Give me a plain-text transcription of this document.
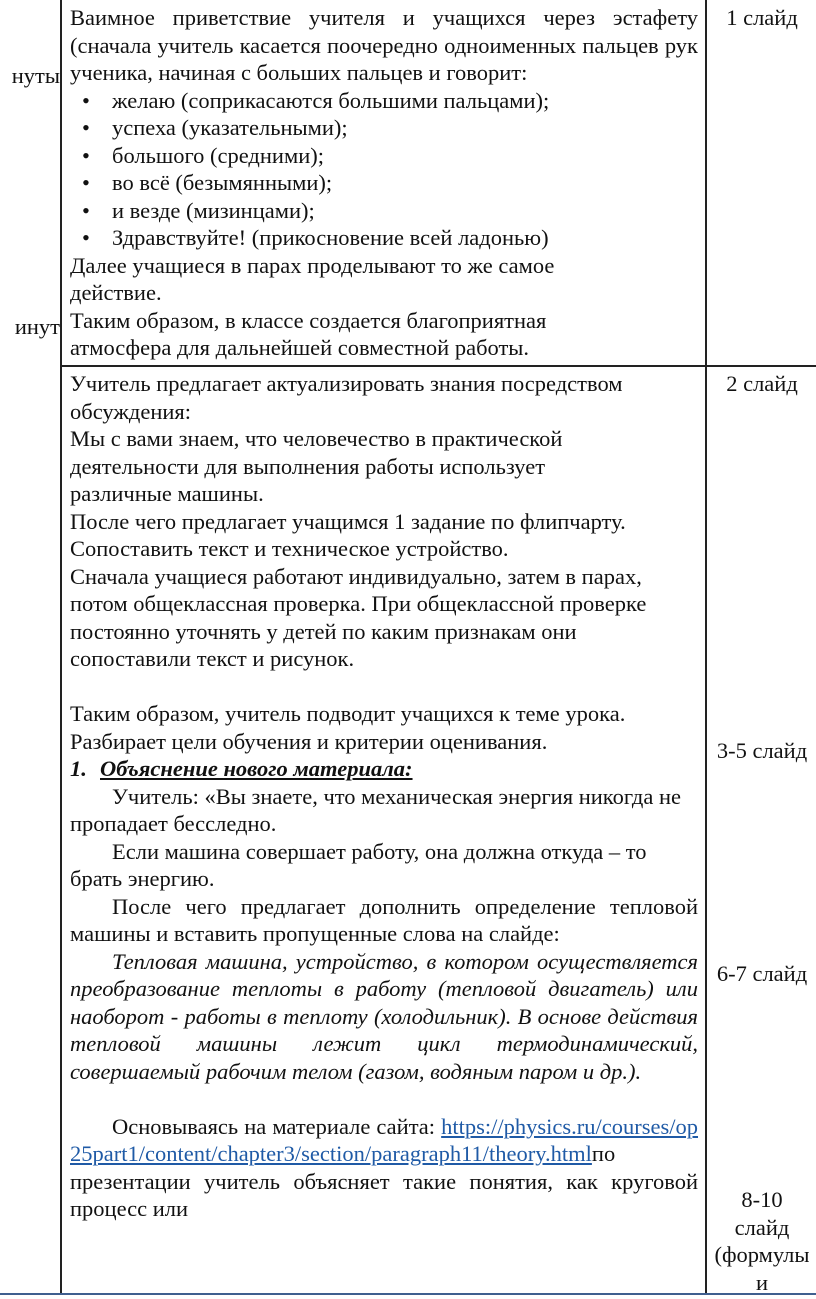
нуты
инут

Ваимное приветствие учителя и учащихся через эстафету (сначала учитель касается поочередно одноименных пальцев рук ученика, начиная с больших пальцев и говорит:

• желаю (соприкасаются большими пальцами);
• успеха (указательными);
• большого (средними);
• во всё (безымянными);
• и везде (мизинцами);
• Здравствуйте! (прикосновение всей ладонью)

Далее учащиеся в парах проделывают то же самое действие.

Таким образом, в классе создается благоприятная атмосфера для дальнейшей совместной работы.

1 слайд

Учитель предлагает актуализировать знания посредством обсуждения:

Мы с вами знаем, что человечество в практической деятельности для выполнения работы использует различные машины.

После чего предлагает учащимся 1 задание по флипчарту. Сопоставить текст и техническое устройство.

Сначала учащиеся работают индивидуально, затем в парах, потом общеклассная проверка. При общеклассной проверке постоянно уточнять у детей по каким признакам они сопоставили текст и рисунок.

Таким образом, учитель подводит учащихся к теме урока. Разбирает цели обучения и критерии оценивания.

1. Объяснение нового материала:

Учитель: «Вы знаете, что механическая энергия никогда не пропадает бесследно.

Если машина совершает работу, она должна откуда – то брать энергию.

После чего предлагает дополнить определение тепловой машины и вставить пропущенные слова на слайде:

Тепловая машина, устройство, в котором осуществляется преобразование теплоты в работу (тепловой двигатель) или наоборот - работы в теплоту (холодильник). В основе действия тепловой машины лежит цикл термодинамический, совершаемый рабочим телом (газом, водяным паром и др.).

Основываясь на материале сайта: https://physics.ru/courses/op25part1/content/chapter3/section/paragraph11/theory.htmlпо презентации учитель объясняет такие понятия, как круговой процесс или

2 слайд
3-5 слайд
6-7 слайд
8-10
слайд
(формулы
и
